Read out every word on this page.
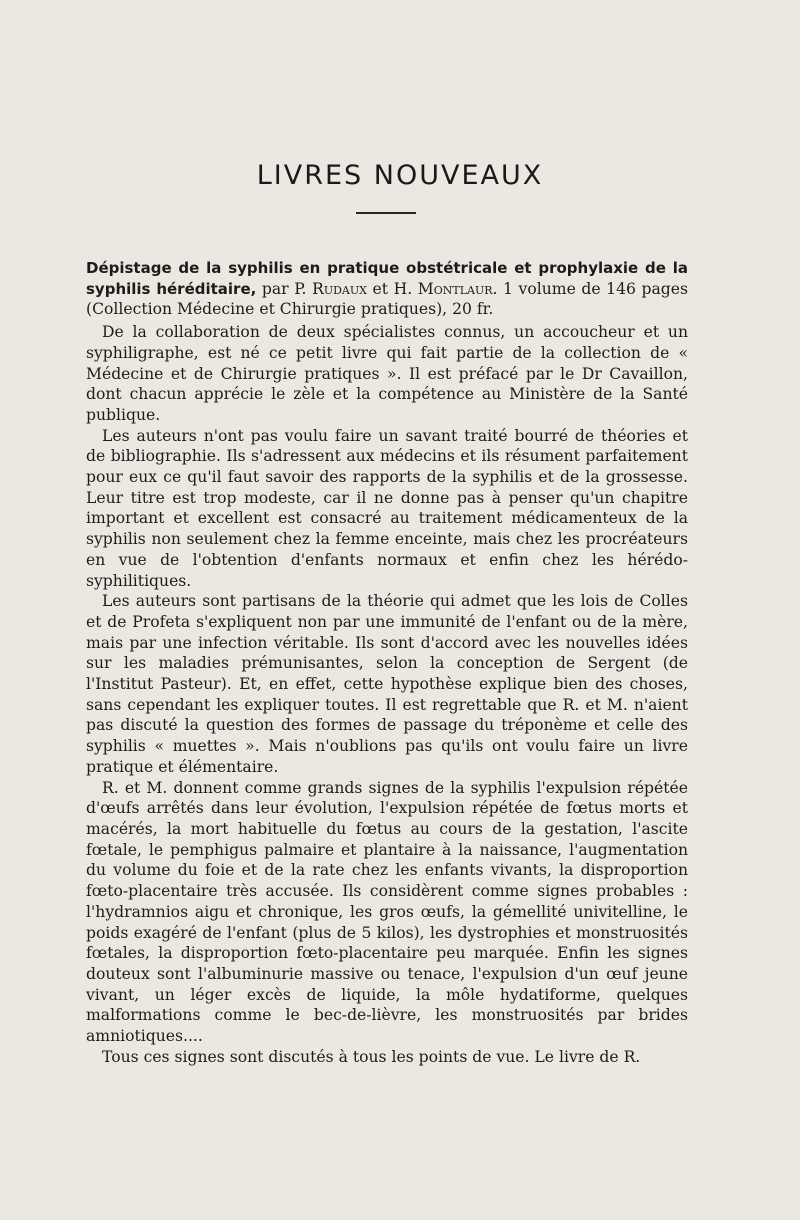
LIVRES NOUVEAUX

Dépistage de la syphilis en pratique obstétricale et prophylaxie de la syphilis héréditaire, par P. Rudaux et H. Montlaur. 1 volume de 146 pages (Collection Médecine et Chirurgie pratiques), 20 fr.

De la collaboration de deux spécialistes connus, un accoucheur et un syphiligraphe, est né ce petit livre qui fait partie de la collection de « Médecine et de Chirurgie pratiques ». Il est préfacé par le Dr Cavaillon, dont chacun apprécie le zèle et la compétence au Ministère de la Santé publique.

Les auteurs n'ont pas voulu faire un savant traité bourré de théories et de bibliographie. Ils s'adressent aux médecins et ils résument parfaitement pour eux ce qu'il faut savoir des rapports de la syphilis et de la grossesse. Leur titre est trop modeste, car il ne donne pas à penser qu'un chapitre important et excellent est consacré au traitement médicamenteux de la syphilis non seulement chez la femme enceinte, mais chez les procréateurs en vue de l'obtention d'enfants normaux et enfin chez les hérédo-syphilitiques.

Les auteurs sont partisans de la théorie qui admet que les lois de Colles et de Profeta s'expliquent non par une immunité de l'enfant ou de la mère, mais par une infection véritable. Ils sont d'accord avec les nouvelles idées sur les maladies prémunisantes, selon la conception de Sergent (de l'Institut Pasteur). Et, en effet, cette hypothèse explique bien des choses, sans cependant les expliquer toutes. Il est regrettable que R. et M. n'aient pas discuté la question des formes de passage du tréponème et celle des syphilis « muettes ». Mais n'oublions pas qu'ils ont voulu faire un livre pratique et élémentaire.

R. et M. donnent comme grands signes de la syphilis l'expulsion répétée d'œufs arrêtés dans leur évolution, l'expulsion répétée de fœtus morts et macérés, la mort habituelle du fœtus au cours de la gestation, l'ascite fœtale, le pemphigus palmaire et plantaire à la naissance, l'augmentation du volume du foie et de la rate chez les enfants vivants, la disproportion fœto-placentaire très accusée. Ils considèrent comme signes probables : l'hydramnios aigu et chronique, les gros œufs, la gémellité univitelline, le poids exagéré de l'enfant (plus de 5 kilos), les dystrophies et monstruosités fœtales, la disproportion fœto-placentaire peu marquée. Enfin les signes douteux sont l'albuminurie massive ou tenace, l'expulsion d'un œuf jeune vivant, un léger excès de liquide, la môle hydatiforme, quelques malformations comme le bec-de-lièvre, les monstruosités par brides amniotiques....

Tous ces signes sont discutés à tous les points de vue. Le livre de R.
